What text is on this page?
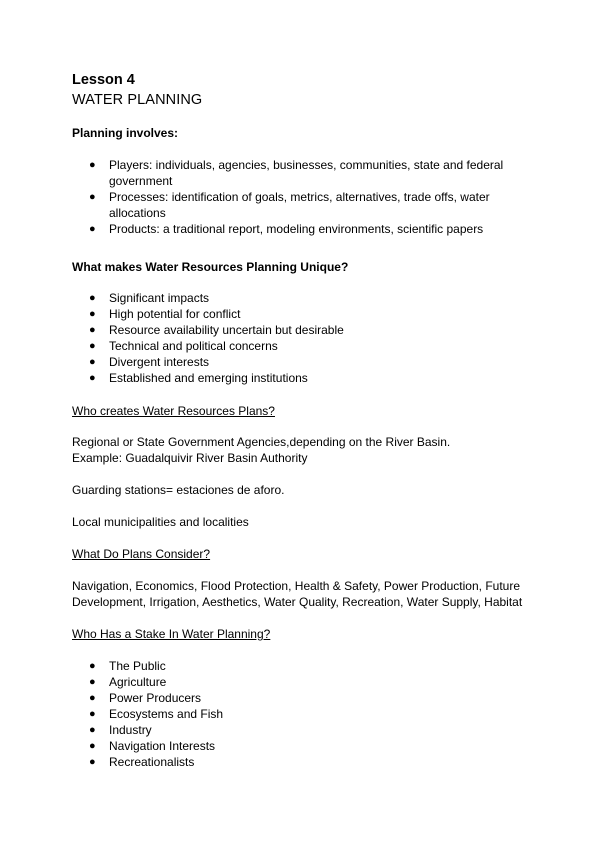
Lesson 4
WATER PLANNING
Planning involves:
● Players: individuals, agencies, businesses, communities, state and federal
government
● Processes: identification of goals, metrics, alternatives, trade offs, water
allocations
● Products: a traditional report, modeling environments, scientific papers
What makes Water Resources Planning Unique?
● Significant impacts
● High potential for conflict
● Resource availability uncertain but desirable
● Technical and political concerns
● Divergent interests
● Established and emerging institutions
Who creates Water Resources Plans?
Regional or State Government Agencies,depending on the River Basin.
Example: Guadalquivir River Basin Authority
Guarding stations= estaciones de aforo.
Local municipalities and localities
What Do Plans Consider?
Navigation, Economics, Flood Protection, Health & Safety, Power Production, Future
Development, Irrigation, Aesthetics, Water Quality, Recreation, Water Supply, Habitat
Who Has a Stake In Water Planning?
● The Public
● Agriculture
● Power Producers
● Ecosystems and Fish
● Industry
● Navigation Interests
● Recreationalists
